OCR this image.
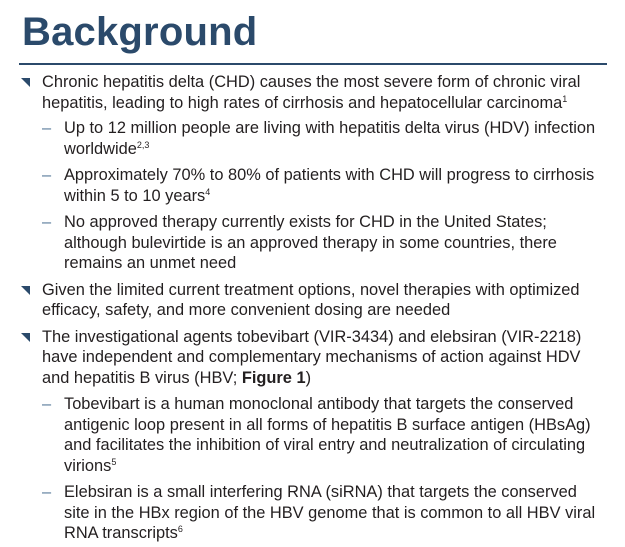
Background
Chronic hepatitis delta (CHD) causes the most severe form of chronic viral hepatitis, leading to high rates of cirrhosis and hepatocellular carcinoma$^1$
– Up to 12 million people are living with hepatitis delta virus (HDV) infection worldwide$^{2,3}$
– Approximately 70% to 80% of patients with CHD will progress to cirrhosis within 5 to 10 years$^4$
– No approved therapy currently exists for CHD in the United States; although bulevirtide is an approved therapy in some countries, there remains an unmet need
Given the limited current treatment options, novel therapies with optimized efficacy, safety, and more convenient dosing are needed
The investigational agents tobevibart (VIR-3434) and elebsiran (VIR-2218) have independent and complementary mechanisms of action against HDV and hepatitis B virus (HBV; Figure 1)
– Tobevibart is a human monoclonal antibody that targets the conserved antigenic loop present in all forms of hepatitis B surface antigen (HBsAg) and facilitates the inhibition of viral entry and neutralization of circulating virions$^5$
– Elebsiran is a small interfering RNA (siRNA) that targets the conserved site in the HBx region of the HBV genome that is common to all HBV viral RNA transcripts$^6$
